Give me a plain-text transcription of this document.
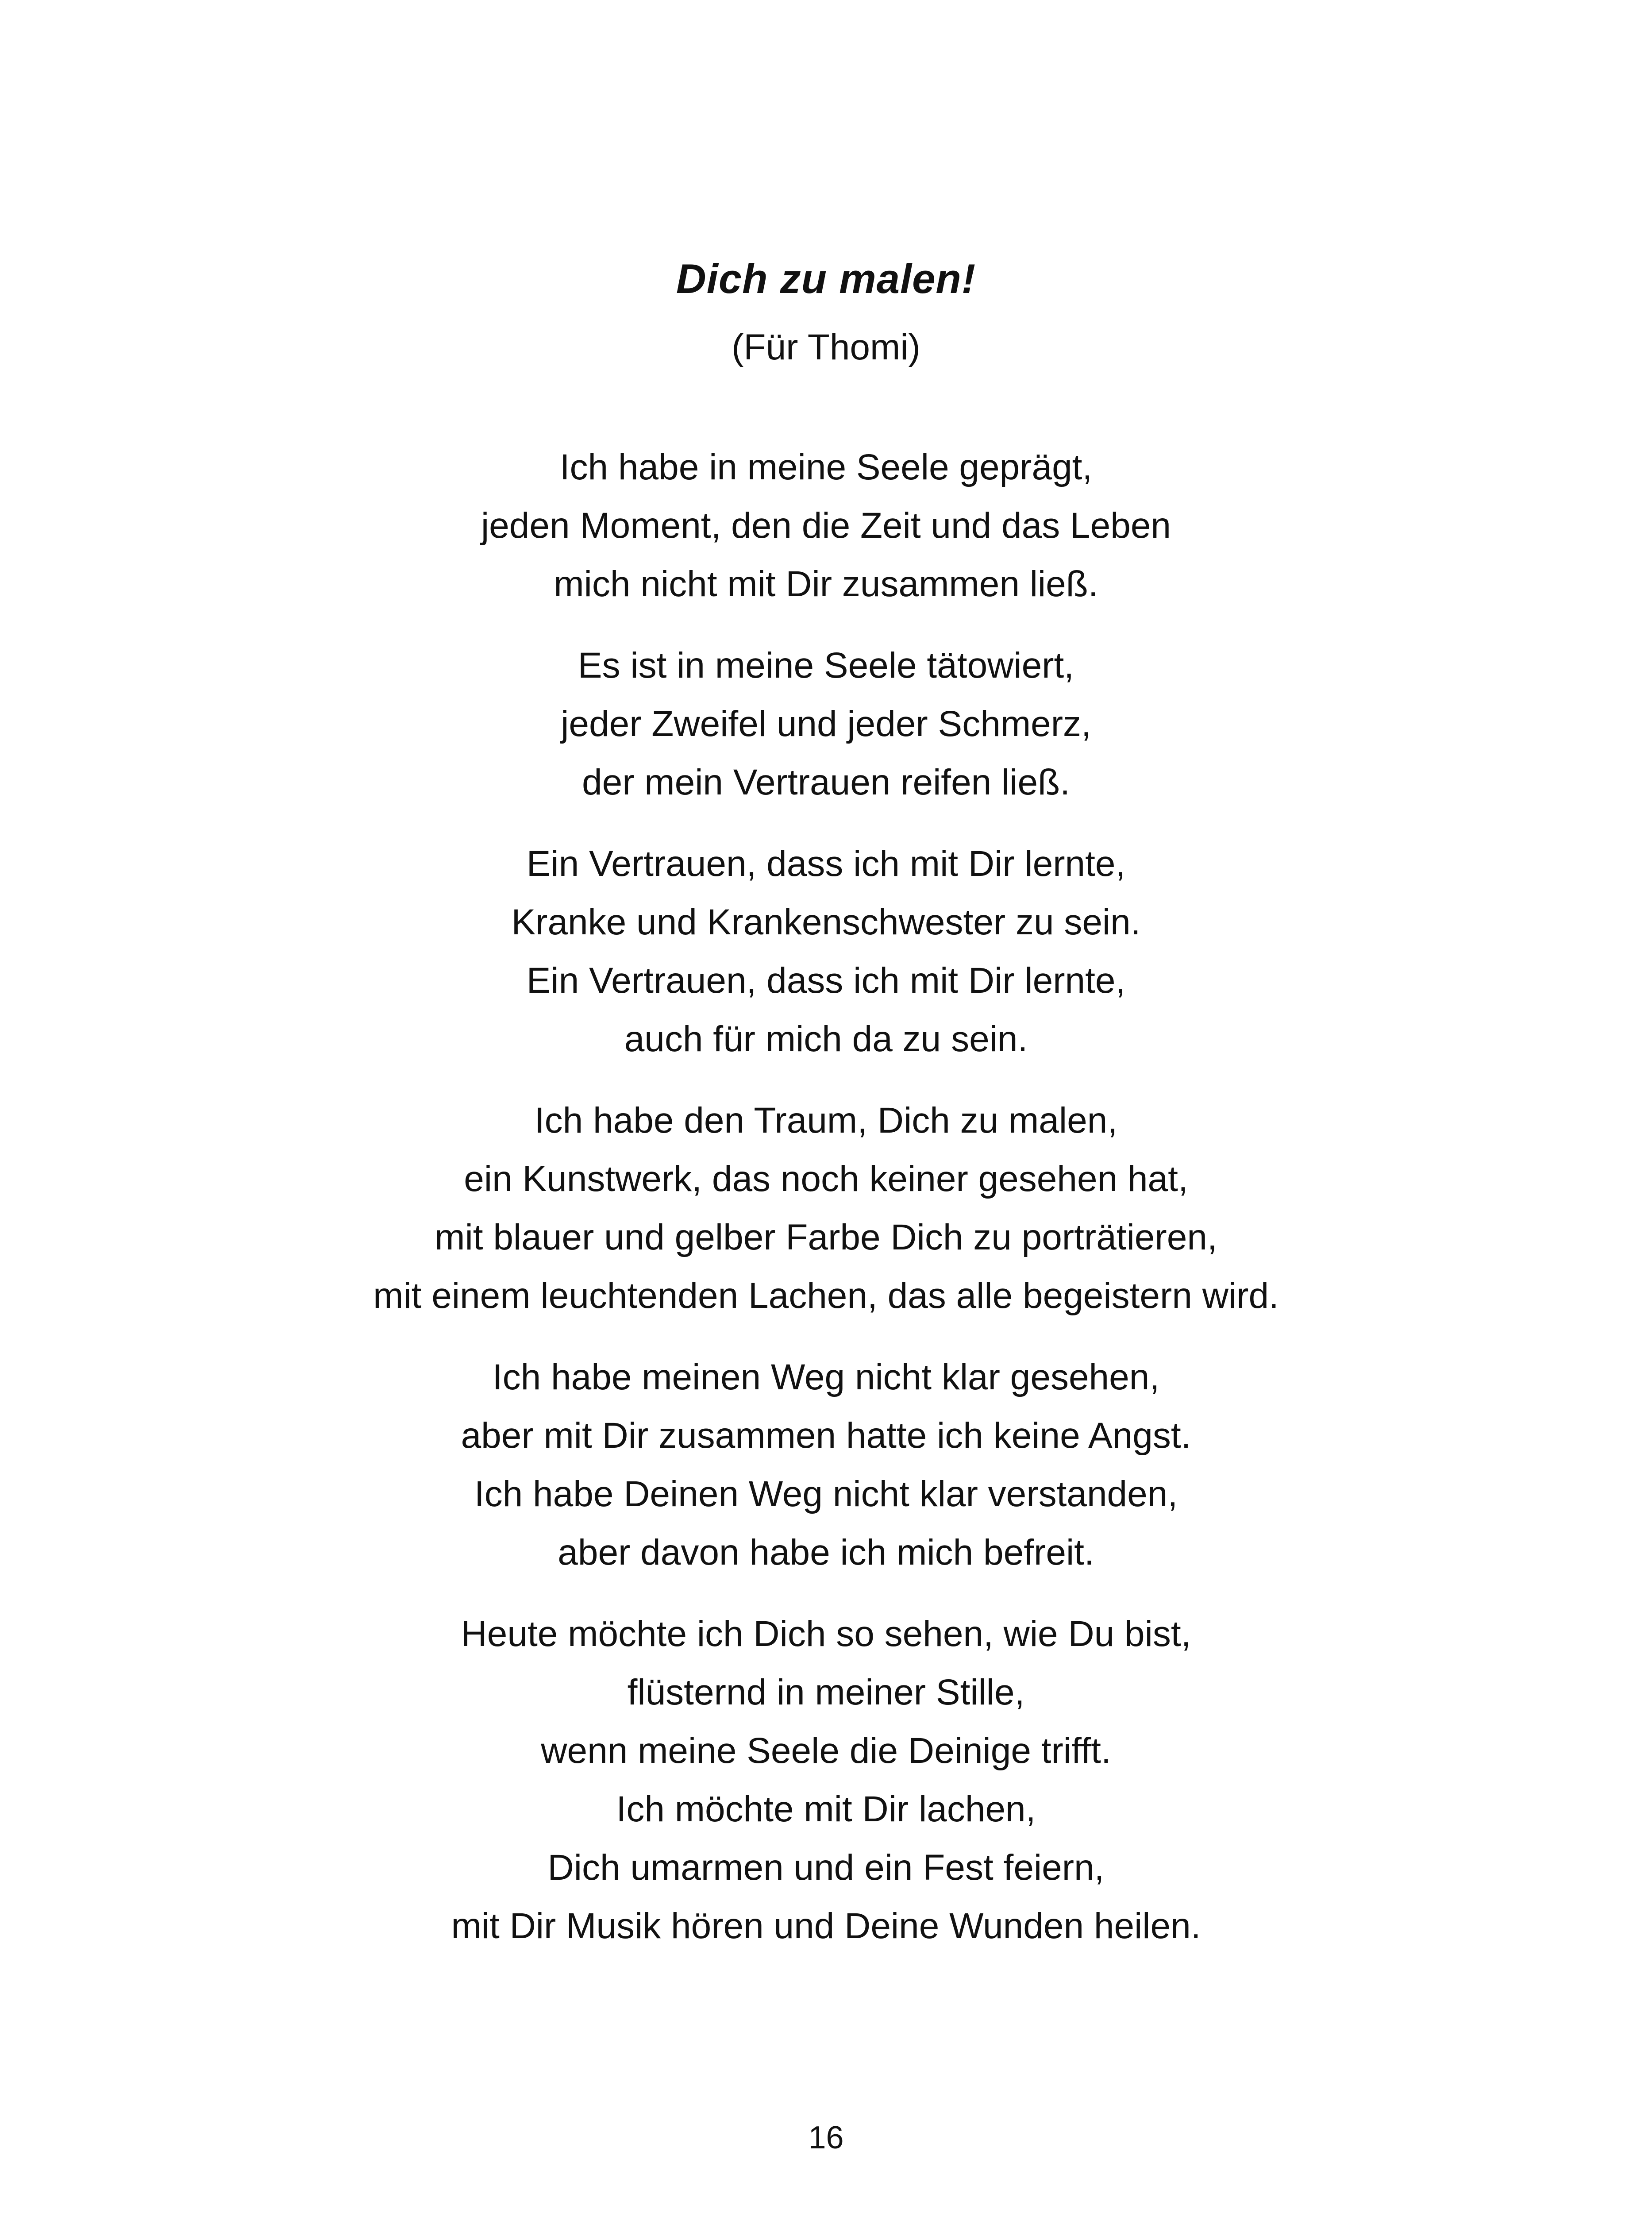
Dich zu malen!
(Für Thomi)
Ich habe in meine Seele geprägt,
jeden Moment, den die Zeit und das Leben
mich nicht mit Dir zusammen ließ.
Es ist in meine Seele tätowiert,
jeder Zweifel und jeder Schmerz,
der mein Vertrauen reifen ließ.
Ein Vertrauen, dass ich mit Dir lernte,
Kranke und Krankenschwester zu sein.
Ein Vertrauen, dass ich mit Dir lernte,
auch für mich da zu sein.
Ich habe den Traum, Dich zu malen,
ein Kunstwerk, das noch keiner gesehen hat,
mit blauer und gelber Farbe Dich zu porträtieren,
mit einem leuchtenden Lachen, das alle begeistern wird.
Ich habe meinen Weg nicht klar gesehen,
aber mit Dir zusammen hatte ich keine Angst.
Ich habe Deinen Weg nicht klar verstanden,
aber davon habe ich mich befreit.
Heute möchte ich Dich so sehen, wie Du bist,
flüsternd in meiner Stille,
wenn meine Seele die Deinige trifft.
Ich möchte mit Dir lachen,
Dich umarmen und ein Fest feiern,
mit Dir Musik hören und Deine Wunden heilen.
16
